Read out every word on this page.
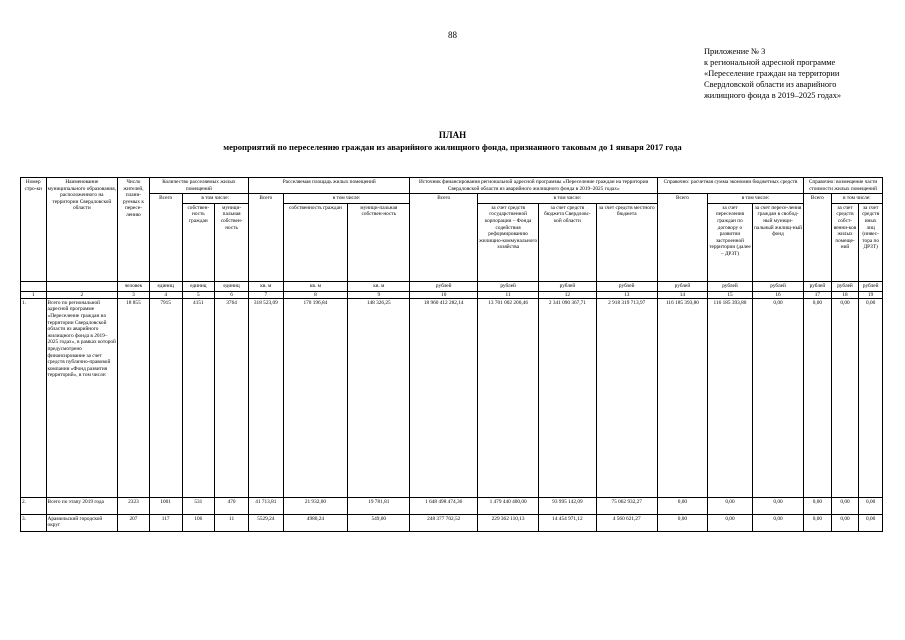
88
Приложение № 3
к региональной адресной программе
«Переселение граждан на территории
Свердловской области из аварийного
жилищного фонда в 2019–2025 годах»
ПЛАН
мероприятий по переселению граждан из аварийного жилищного фонда, признанного таковым до 1 января 2017 года
Номер стро-ки	Наименование муниципального образования, расположенного на территории Свердловской области	Число жителей, плани-руемых к пересе-лению	Количество расселяемых жилых помещений			Расселяемая площадь жилых помещений			Источник финансирования региональной адресной программы «Переселение граждан на территории Свердловской области из аварийного жилищного фонда в 2019–2025 годах»				Справочно: расчетная сумма экономии бюджетных средств			Справочно: возмещение части стоимости жилых помещений		
			Всего	в том числе:		Всего	в том числе:		Всего	в том числе:			Всего	в том числе:		Всего	в том числе:	
				собствен-ность граждан	муници-пальная собствен-ность		собственность граждан	муници-пальная собствен-ность		за счет средств государственной корпорации – Фонда содействия реформированию жилищно-коммунального хозяйства	за счет средств бюджета Свердловс-кой области	за счет средств местного бюджета		за счет переселения граждан по договору о развитии застроенной территории (далее – ДРЗТ)	за счет пересе-ления граждан в свобод-ный муници-пальный жилищ-ный фонд		за счет средств собст-венни-ков жилых помеще-ний	за счет средств иных лиц (инвес-тора по ДРЗТ)
		человек	единиц	единиц	единиц	кв. м	кв. м	кв. м	рублей	рублей	рублей	рублей	рублей	рублей	рублей	рублей	рублей	рублей
1	2	3	4	5	6	7	8	9	10	11	12	13	14	15	16	17	18	19
1.	Всего по региональной адресной программе «Переселение граждан на территории Свердловской области из аварийного жилищного фонда в 2019–2025 годах», в рамках которой предусмотрено финансирование за счет средств публично-правовой компании «Фонд развития территорий», в том числе:	18 855	7915	4151	3764	318 523,09	170 196,84	148 326,25	18 960 412 282,14	13 701 002 200,46	2 341 090 367,71	2 918 319 713,97	116 185 393,80	116 185 393,80	0,00	0,00	0,00	0,00
2.	Всего по этапу 2019 года	2323	1001	531	470	41 713,81	21 932,00	19 781,81	1 648 498 474,36	1 479 440 400,00	93 995 142,09	75 062 932,27	0,00	0,00	0,00	0,00	0,00	0,00
3.	Арамильский городской округ	207	117	106	11	5529,24	4980,24	549,00	248 377 702,52	229 362 110,13	14 454 971,12	4 560 621,27	0,00	0,00	0,00	0,00	0,00	0,00
